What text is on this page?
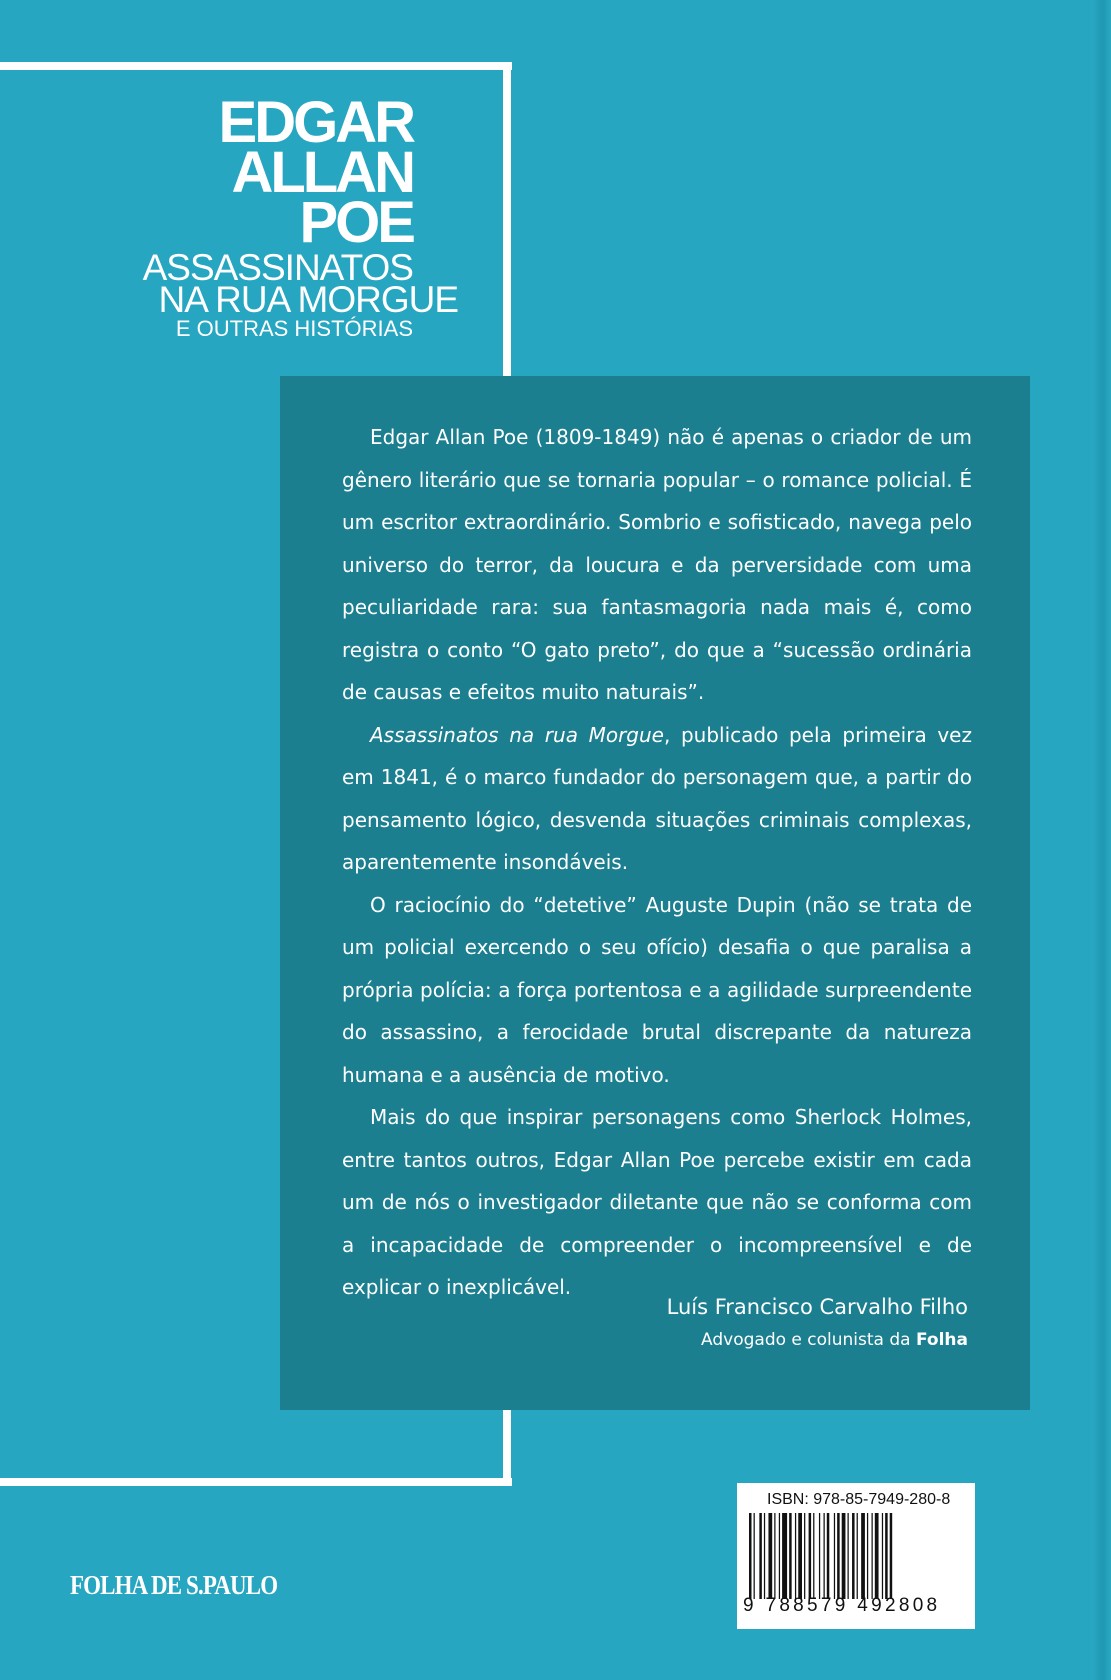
EDGAR
ALLAN
POE
ASSASSINATOS
NA RUA MORGUE
E OUTRAS HISTÓRIAS

Edgar Allan Poe (1809-1849) não é apenas o criador de um gênero literário que se tornaria popular – o romance policial. É um escritor extraordinário. Sombrio e sofisticado, navega pelo universo do terror, da loucura e da perversidade com uma peculiaridade rara: sua fantasmagoria nada mais é, como registra o conto “O gato preto”, do que a “sucessão ordinária de causas e efeitos muito naturais”.

Assassinatos na rua Morgue, publicado pela primeira vez em 1841, é o marco fundador do personagem que, a partir do pensamento lógico, desvenda situações criminais complexas, aparentemente insondáveis.

O raciocínio do “detetive” Auguste Dupin (não se trata de um policial exercendo o seu ofício) desafia o que paralisa a própria polícia: a força portentosa e a agilidade surpreendente do assassino, a ferocidade brutal discrepante da natureza humana e a ausência de motivo.

Mais do que inspirar personagens como Sherlock Holmes, entre tantos outros, Edgar Allan Poe percebe existir em cada um de nós o investigador diletante que não se conforma com a incapacidade de compreender o incompreensível e de explicar o inexplicável.

Luís Francisco Carvalho Filho
Advogado e colunista da Folha
FOLHA DE S.PAULO
ISBN: 978-85-7949-280-8
9 788579 492808
